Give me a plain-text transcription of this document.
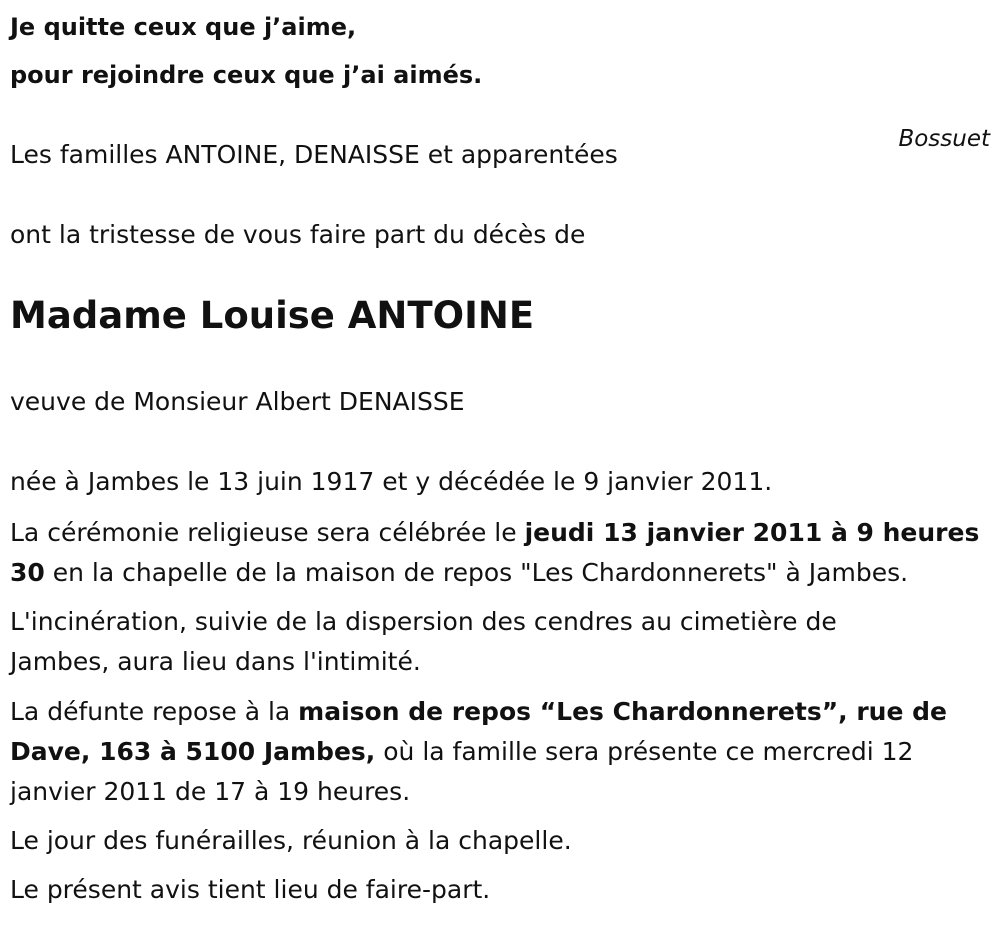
Je quitte ceux que j’aime,
pour rejoindre ceux que j’ai aimés.
Bossuet
Les familles ANTOINE, DENAISSE et apparentées
ont la tristesse de vous faire part du décès de
Madame Louise ANTOINE
veuve de Monsieur Albert DENAISSE
née à Jambes le 13 juin 1917 et y décédée le 9 janvier 2011.

La cérémonie religieuse sera célébrée le jeudi 13 janvier 2011 à 9 heures 30 en la chapelle de la maison de repos "Les Chardonnerets" à Jambes.

L'incinération, suivie de la dispersion des cendres au cimetière de Jambes, aura lieu dans l'intimité.

La défunte repose à la maison de repos “Les Chardonnerets”, rue de Dave, 163 à 5100 Jambes, où la famille sera présente ce mercredi 12 janvier 2011 de 17 à 19 heures.

Le jour des funérailles, réunion à la chapelle.
Le présent avis tient lieu de faire-part.
